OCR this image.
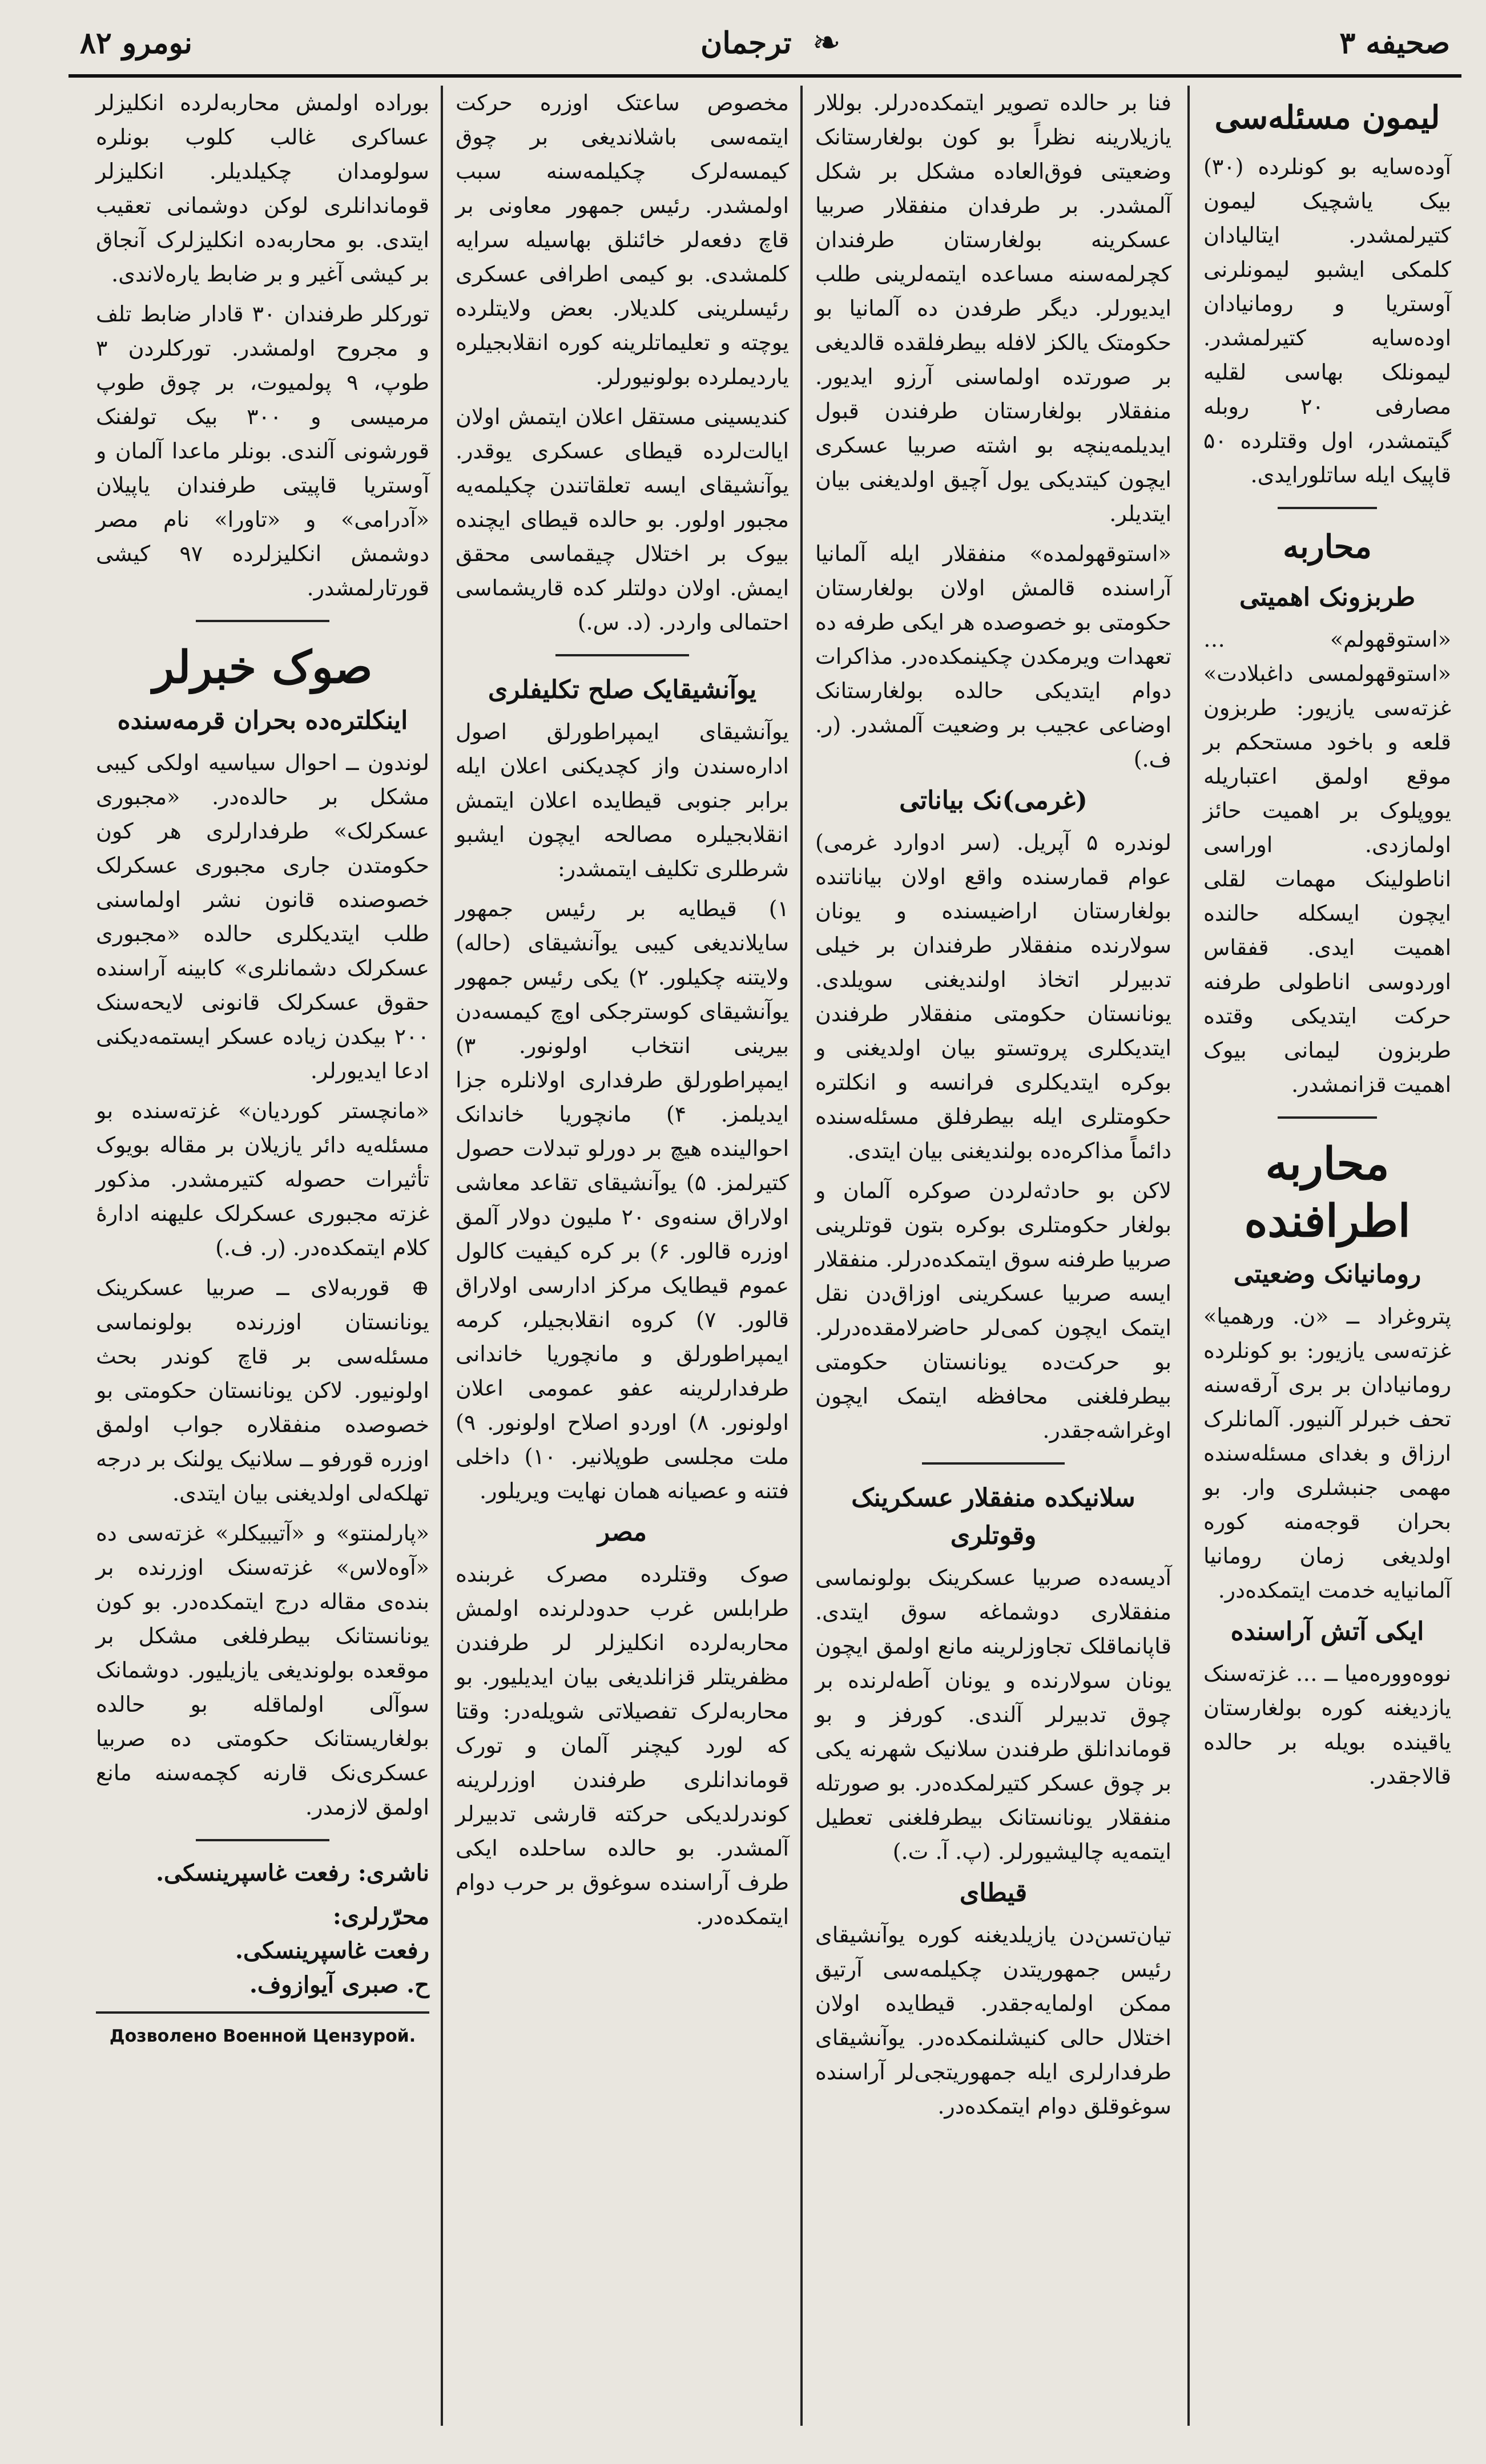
صحیفه ۳
❧
ترجمان
نومرو ۸۲
لیمون مسئله‌سی

آوده‌سا‌یه بو کونلرده (۳۰) بیک یاشچیک لیمون کتیرلمشدر. ایتالیادان کلمکی ایشبو لیمونلرنی آوستریا و رومانیادان اوده‌سایه کتیرلمشدر. لیمونلک بهاسی لقلیه مصارفی ۲۰ روبله گیتمشدر، اول وقتلرده ۵۰ قاپیک ایله ساتلورایدی.

محاربه
طربزونک اهمیتی

«استوقهولم» … «استوقهولمسی داغبلادت» غزته‌سی یازیور: طربزون قلعه و باخود مستحکم بر موقع اولمق اعتباریله یووپلوک بر اهمیت حائز اولمازدی. اوراسی اناطولینک مهمات لقلی ایچون ایسکله حالنده اهمیت ایدی. قفقاس اوردوسی اناطولی طرفنه حرکت ایتدیکی وقتده طربزون لیمانی بیوک اهمیت قزانمشدر.

محاربه اطرافنده
رومانیانک وضعیتی

پتروغراد ــ «ن. ورهمیا» غزته‌سی یازیور: بو کونلرده رومانیادان بر بری آرقه‌سنه تحف خبرلر آلنیور. آلمانلرک ارزاق و بغدای مسئله‌سنده مهمی جنبشلری وار. بو بحران قوجه‌منه کوره اولدیغی زمان رومانیا آلمانیایه خدمت ایتمکده‌در.

ایکی آتش آراسنده

نووه‌ووره‌میا ــ … غزته‌سنک یازدیغنه کوره بولغارستان یاقینده بویله بر حالده قالاجقدر.

فنا بر حالده تصویر ایتمکده‌درلر. بوللار یازیلارینه نظراً بو کون بولغارستانک وضعیتی فوق‌العاده مشکل بر شکل آلمشدر. بر طرفدان منفقلار صربیا عسکرینه بولغارستان طرفندان کچرلمه‌سنه مساعده ایتمه‌لرینی طلب ایدیورلر. دیگر طرفدن ده آلمانیا بو حکومتک یالکز لافله بیطرفلقده قالدیغی بر صورتده اولماسنی آرزو ایدیور. منفقلار بولغارستان طرفندن قبول ایدیلمه‌ینچه بو اشته صربیا عسکری ایچون کیتدیکی یول آچیق اولدیغنی بیان ایتدیلر.

«استوقهولمده» منفقلار ایله آلمانیا آراسنده قالمش اولان بولغارستان حکومتی بو خصوصده هر ایکی طرفه ده تعهدات ویرمکدن چکینمکده‌در. مذاکرات دوام ایتدیکی حالده بولغارستانک اوضاعی عجیب بر وضعیت آلمشدر. (ر. ف.)

(غرمی)‌نک بیاناتی

لوندره ۵ آپریل. (سر ادوارد غرمی) عوام قمارسنده واقع اولان بیاناتنده بولغارستان اراضیسنده و یونان سولارنده منفقلار طرفندان بر خیلی تدبیرلر اتخاذ اولندیغنی سویلدی. یونانستان حکومتی منفقلار طرفندن ایتدیکلری پروتستو بیان اولدیغنی و بوکره ایتدیکلری فرانسه و انکلتره حکومتلری ایله بیطرفلق مسئله‌سنده دائماً مذاکره‌ده بولندیغنی بیان ایتدی.

لاکن بو حادثه‌لردن صوکره آلمان و بولغار حکومتلری بوکره بتون قوتلرینی صربیا طرفنه سوق ایتمکده‌درلر. منفقلار ایسه صربیا عسکرینی اوزاق‌دن نقل ایتمک ایچون کمی‌لر حاضرلامقده‌درلر. بو حرکت‌ده یونانستان حکومتی بیطرفلغنی محافظه ایتمک ایچون اوغراشه‌جقدر.

سلانیکده منفقلار عسکرینک وقوتلری

آدیسه‌ده صربیا عسکرینک بولونماسی منفقلاری دوشماغه سوق ایتدی. قاپانماقلک تجاوزلرینه مانع اولمق ایچون یونان سولارنده و یونان آطه‌لرنده بر چوق تدبیرلر آلندی. کورفز و بو قوماندانلق طرفندن سلانیک شهرنه یکی بر چوق عسکر کتیرلمکده‌در. بو صورتله منفقلار یونانستانک بیطرفلغنی تعطیل ایتمه‌یه چالیشیورلر. (پ. آ. ت.)

قیطای

تیان‌تسن‌دن یازیلدیغنه کوره یوآنشیقای رئیس جمهوریتدن چکیلمه‌سی آرتیق ممکن اولمایه‌جقدر. قیطایده اولان اختلال حالی کنیشلنمکده‌در. یوآنشیقای طرفدارلری ایله جمهوریتجی‌لر آراسنده سوغوقلق دوام ایتمکده‌در.

مخصوص ساعتک اوزره حرکت ایتمه‌سی باشلاندیغی بر چوق کیمسه‌لرک چکیلمه‌سنه سبب اولمشدر. رئیس جمهور معاونی بر قاچ دفعه‌لر خائنلق بهاسیله سرایه کلمشدی. بو کیمی اطرافی عسکری رئیسلرینی کلدیلار. بعض ولایتلرده یوچته و تعلیماتلرینه کوره انقلابجیلره یاردیملرده بولونیورلر.

کندیسینی مستقل اعلان ایتمش اولان ایالت‌لرده قیطای عسکری یوقدر. یوآنشیقای ایسه تعلقاتندن چکیلمه‌یه مجبور اولور. بو حالده قیطای ایچنده بیوک بر اختلال چیقماسی محقق ایمش. اولان دولتلر کده قاریشماسی احتمالی واردر. (د. س.)

یوآنشیقایک صلح تکلیفلری

یوآنشیقای ایمپراطورلق اصول اداره‌سندن واز کچدیکنی اعلان ایله برابر جنوبی قیطایده اعلان ایتمش انقلابجیلره مصالحه ایچون ایشبو شرطلری تکلیف ایتمشدر:

۱) قیطایه بر رئیس جمهور سایلاندیغی کیبی یوآنشیقای (حاله) ولایتنه چکیلور. ۲) یکی رئیس جمهور یوآنشیقای کوسترجکی اوچ کیمسه‌دن بیرینی انتخاب اولونور. ۳) ایمپراطورلق طرفداری اولانلره جزا ایدیلمز. ۴) مانچوریا خاندانک احوالینده هیچ بر دورلو تبدلات حصول کتیرلمز. ۵) یوآنشیقای تقاعد معاشی اولاراق سنه‌وی ۲۰ ملیون دولار آلمق اوزره قالور. ۶) بر کره کیفیت کالول عموم قیطایک مرکز ادارسی اولاراق قالور. ۷) کروه انقلابجیلر، کرمه ایمپراطورلق و مانچوریا خاندانی طرفدارلرینه عفو عمومی اعلان اولونور. ۸) اوردو اصلاح اولونور. ۹) ملت مجلسی طوپلانیر. ۱۰) داخلی فتنه و عصیانه همان نهایت ویریلور.

مصر

صوک وقتلرده مصرک غربنده طرابلس غرب حدودلرنده اولمش محاربه‌لرده انکلیزلر لر طرفندن مظفریتلر قزانلدیغی بیان ایدیلیور. بو محاربه‌لرک تفصیلاتی شویله‌در: وقتا که لورد کیچنر آلمان و تورک قوماندانلری طرفندن اوزرلرینه کوندرلدیکی حرکته قارشی تدبیرلر آلمشدر. بو حالده ساحلده ایکی طرف آراسنده سوغوق بر حرب دوام ایتمکده‌در.

بوراده اولمش محاربه‌لرده انکلیزلر عساکری غالب کلوب بونلره سولومدان چکیلدیلر. انکلیزلر قوماندانلری لوکن دوشمانی تعقیب ایتدی. بو محاربه‌ده انکلیزلرک آنجاق بر کیشی آغیر و بر ضابط یاره‌لاندی.

تورکلر طرفندان ۳۰ قادار ضابط تلف و مجروح اولمشدر. تورکلردن ۳ طوپ، ۹ پولمیوت، بر چوق طوپ مرمیسی و ۳۰۰ بیک تولفنک قورشونی آلندی. بونلر ماعدا آلمان و آوستریا قاپیتی طرفندان یاپیلان «آدرامی» و «تاورا» نام مصر دوشمش انکلیزلرده ۹۷ کیشی قورتارلمشدر.

صوک خبرلر
اینکلتره‌ده بحران قرمه‌سنده

لوندون ــ احوال سیاسیه اولکی کیبی مشکل بر حالده‌در. «مجبوری عسکرلک» طرفدارلری هر کون حکومتدن جاری مجبوری عسکرلک خصوصنده قانون نشر اولماسنی طلب ایتدیکلری حالده «مجبوری عسکرلک دشمانلری» کابینه آراسنده حقوق عسکرلک قانونی لایحه‌سنک ۲۰۰ بیکدن زیاده عسکر ایستمه‌دیکنی ادعا ایدیورلر.

«مانچستر کوردیان» غزته‌سنده بو مسئله‌یه دائر یازیلان بر مقاله بویوک تأثیرات حصوله کتیرمشدر. مذکور غزته مجبوری عسکرلک علیهنه ادارهٔ کلام ایتمکده‌در. (ر. ف.)

⊕ قوربه‌لای ــ صربیا عسکرینک یونانستان اوزرنده بولونماسی مسئله‌سی بر قاچ کوندر بحث اولونیور. لاکن یونانستان حکومتی بو خصوصده منفقلاره جواب اولمق اوزره قورفو ــ سلانیک یولنک بر درجه تهلکه‌لی اولدیغنی بیان ایتدی.

«پارلمنتو» و «آتیبیکلر» غزته‌سی ده «آوه‌لاس» غزته‌سنک اوزرنده بر بنده‌ی مقاله درج ایتمکده‌در. بو کون یونانستانک بیطرفلغی مشکل بر موقعده بولوندیغی یازیلیور. دوشمانک سوآلی اولماقله بو حالده بولغاریستانک حکومتی ده صربیا عسکری‌نک قارنه کچمه‌سنه مانع اولمق لازمدر.

ناشری: رفعت غاسپرینسکی.
محرّرلری:
رفعت غاسپرینسکی.
ح. صبری آیوازوف.
Дозволено Военной Цензурой.
